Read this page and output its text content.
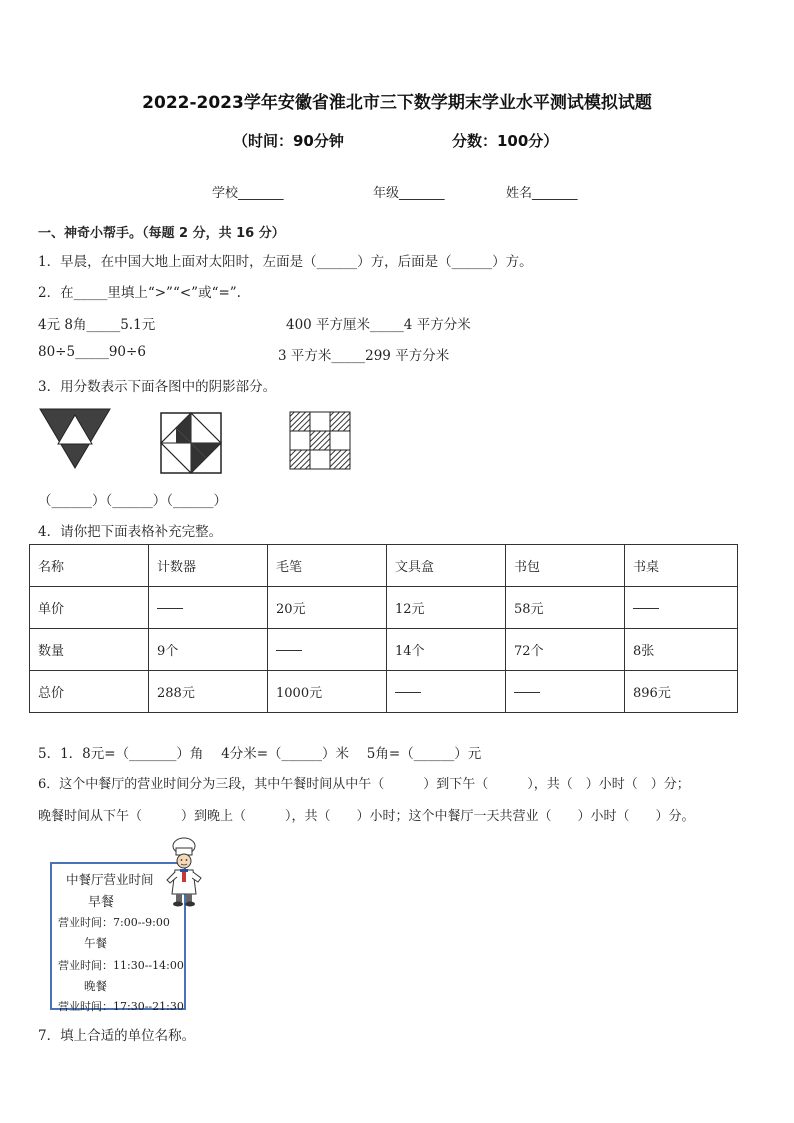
2022-2023学年安徽省淮北市三下数学期末学业水平测试模拟试题
（时间：90分钟	分数：100分）
学校_______	年级_______	姓名_______
一、神奇小帮手。（每题 2 分，共 16 分）
1．早晨，在中国大地上面对太阳时，左面是（______）方，后面是（______）方。
2．在_____里填上“>”“<”或“=”.
4元 8角_____5.1元	400 平方厘米_____4 平方分米
80÷5_____90÷6	3 平方米_____299 平方分米
3．用分数表示下面各图中的阴影部分。
（______）（______）（______）
4．请你把下面表格补充完整。
名称	计数器	毛笔	文具盒	书包	书桌
单价		20元	12元	58元	
数量	9个		14个	72个	8张
总价	288元	1000元			896元
5．1．8元=（_______）角　 4分米=（______）米　 5角=（______）元
6．这个中餐厅的营业时间分为三段，其中午餐时间从中午（　　　）到下午（　　　），共（　）小时（　）分；
晚餐时间从下午（　　　）到晚上（　　　），共（　　）小时；这个中餐厅一天共营业（　　）小时（　　）分。
中餐厅营业时间
早餐
营业时间：7:00--9:00
午餐
营业时间：11:30--14:00
晚餐
营业时间：17:30--21:30
7．填上合适的单位名称。
